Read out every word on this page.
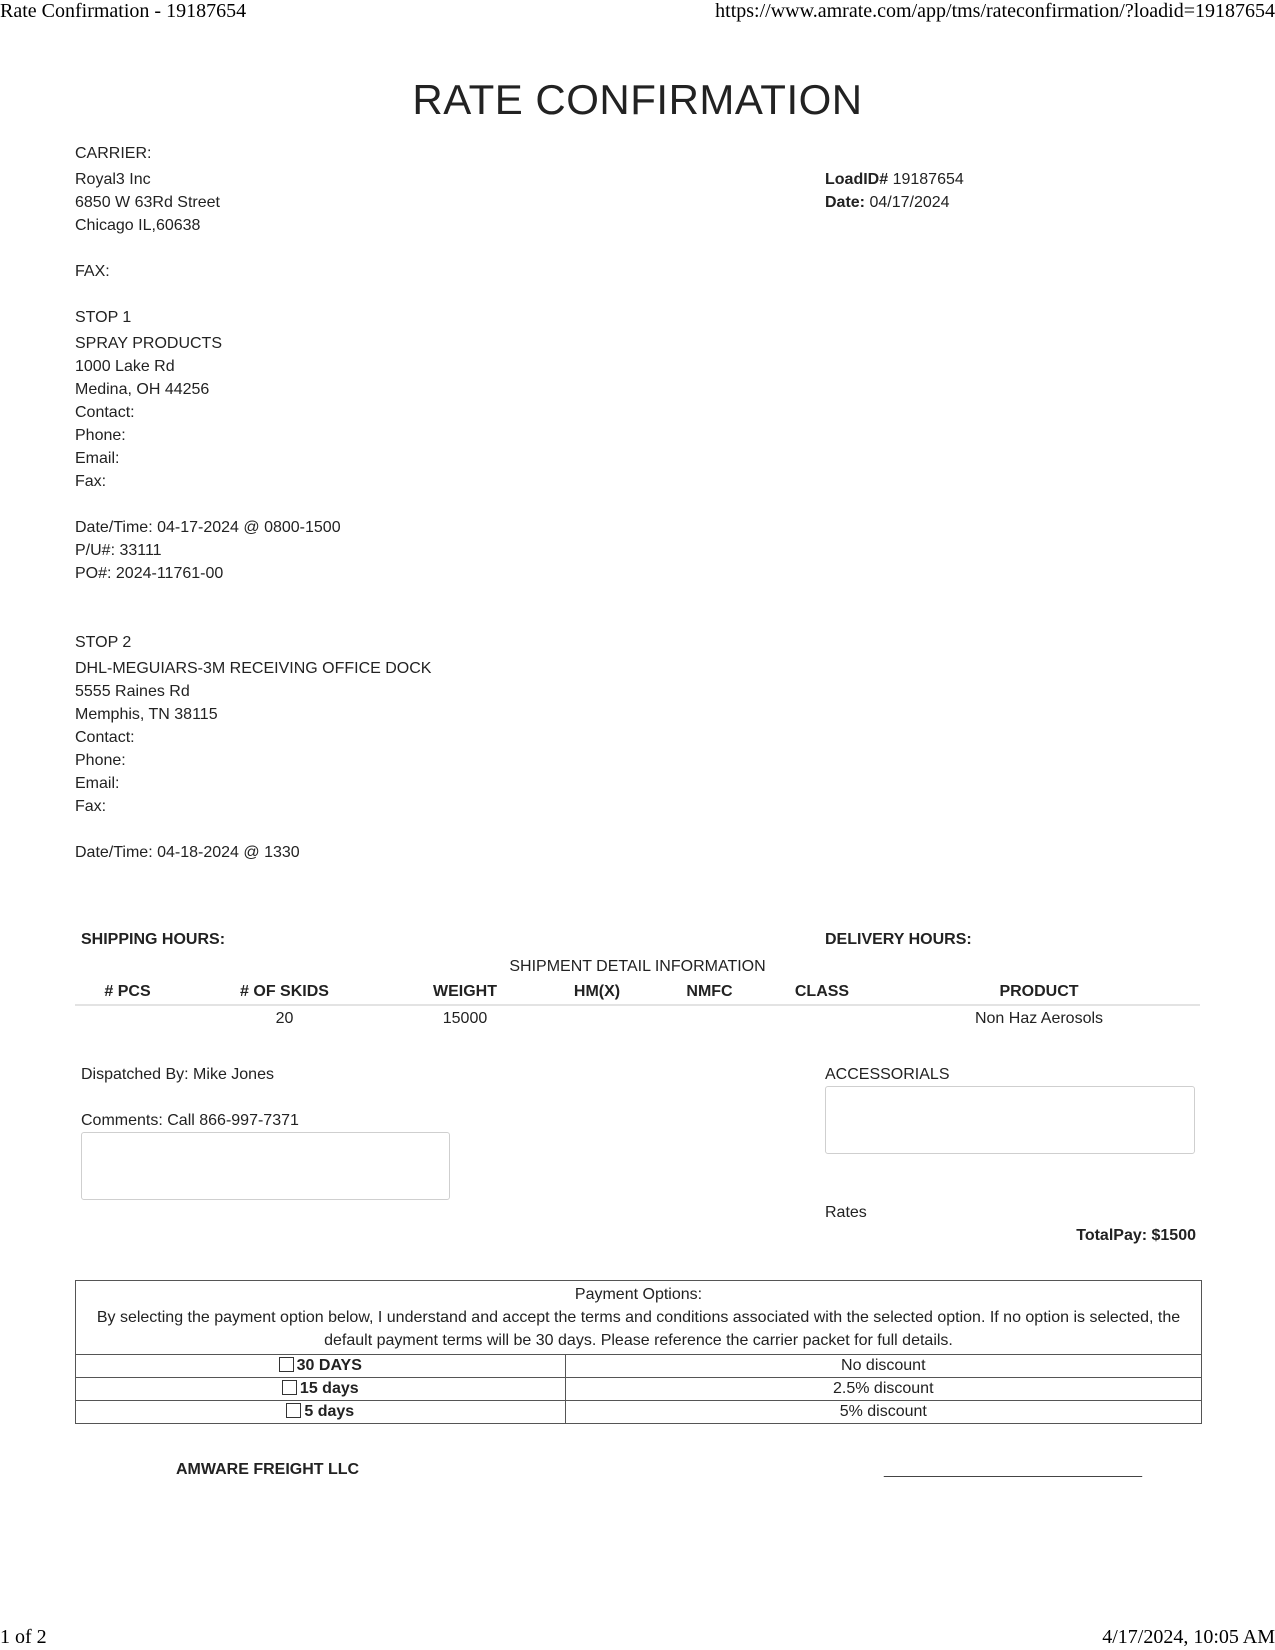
Rate Confirmation - 19187654	https://www.amrate.com/app/tms/rateconfirmation/?loadid=19187654
1 of 2	4/17/2024, 10:05 AM
RATE CONFIRMATION
CARRIER:
Royal3 Inc
6850 W 63Rd Street
Chicago IL,60638
FAX:
LoadID# 19187654
Date: 04/17/2024
STOP 1
SPRAY PRODUCTS
1000 Lake Rd
Medina, OH 44256
Contact:
Phone:
Email:
Fax:
Date/Time: 04-17-2024 @ 0800-1500
P/U#: 33111
PO#: 2024-11761-00
STOP 2
DHL-MEGUIARS-3M RECEIVING OFFICE DOCK
5555 Raines Rd
Memphis, TN 38115
Contact:
Phone:
Email:
Fax:
Date/Time: 04-18-2024 @ 1330
SHIPPING HOURS:	DELIVERY HOURS:
SHIPMENT DETAIL INFORMATION
# PCS	# OF SKIDS	WEIGHT	HM(X)	NMFC	CLASS	PRODUCT
	20	15000				Non Haz Aerosols
Dispatched By: Mike Jones
Comments: Call 866-997-7371
ACCESSORIALS
Rates
TotalPay: $1500
Payment Options:
By selecting the payment option below, I understand and accept the terms and conditions associated with the selected option. If no option is selected, the default payment terms will be 30 days. Please reference the carrier packet for full details.	

30 DAYS	No discount
15 days	2.5% discount
5 days	5% discount
AMWARE FREIGHT LLC	_____________________________
